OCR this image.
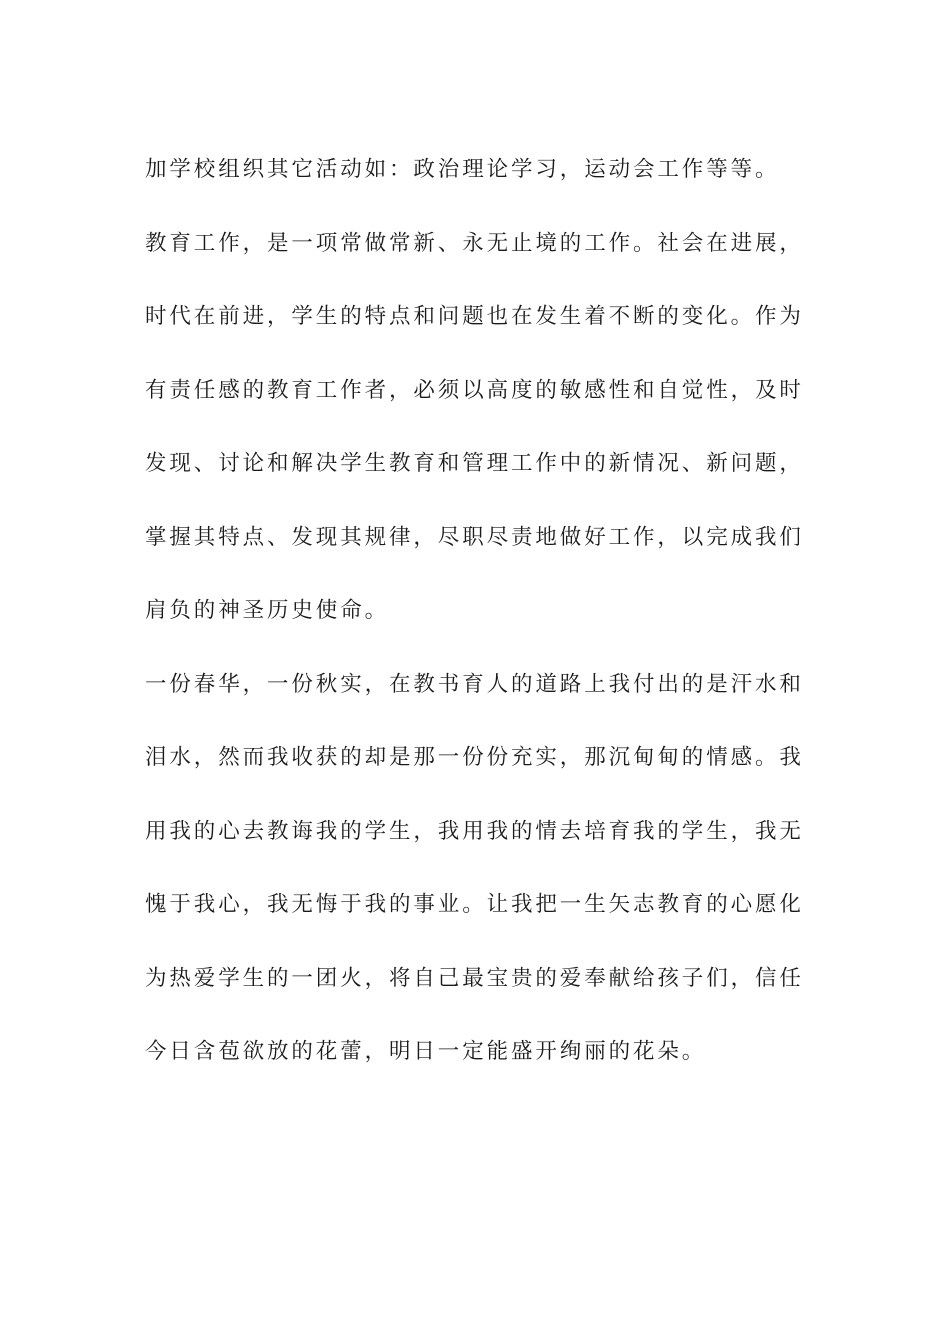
加学校组织其它活动如：政治理论学习，运动会工作等等。
教育工作，是一项常做常新、永无止境的工作。社会在进展，
时代在前进，学生的特点和问题也在发生着不断的变化。作为
有责任感的教育工作者，必须以高度的敏感性和自觉性，及时
发现、讨论和解决学生教育和管理工作中的新情况、新问题，
掌握其特点、发现其规律，尽职尽责地做好工作，以完成我们
肩负的神圣历史使命。
一份春华，一份秋实，在教书育人的道路上我付出的是汗水和
泪水，然而我收获的却是那一份份充实，那沉甸甸的情感。我
用我的心去教诲我的学生，我用我的情去培育我的学生，我无
愧于我心，我无悔于我的事业。让我把一生矢志教育的心愿化
为热爱学生的一团火，将自己最宝贵的爱奉献给孩子们，信任
今日含苞欲放的花蕾，明日一定能盛开绚丽的花朵。
